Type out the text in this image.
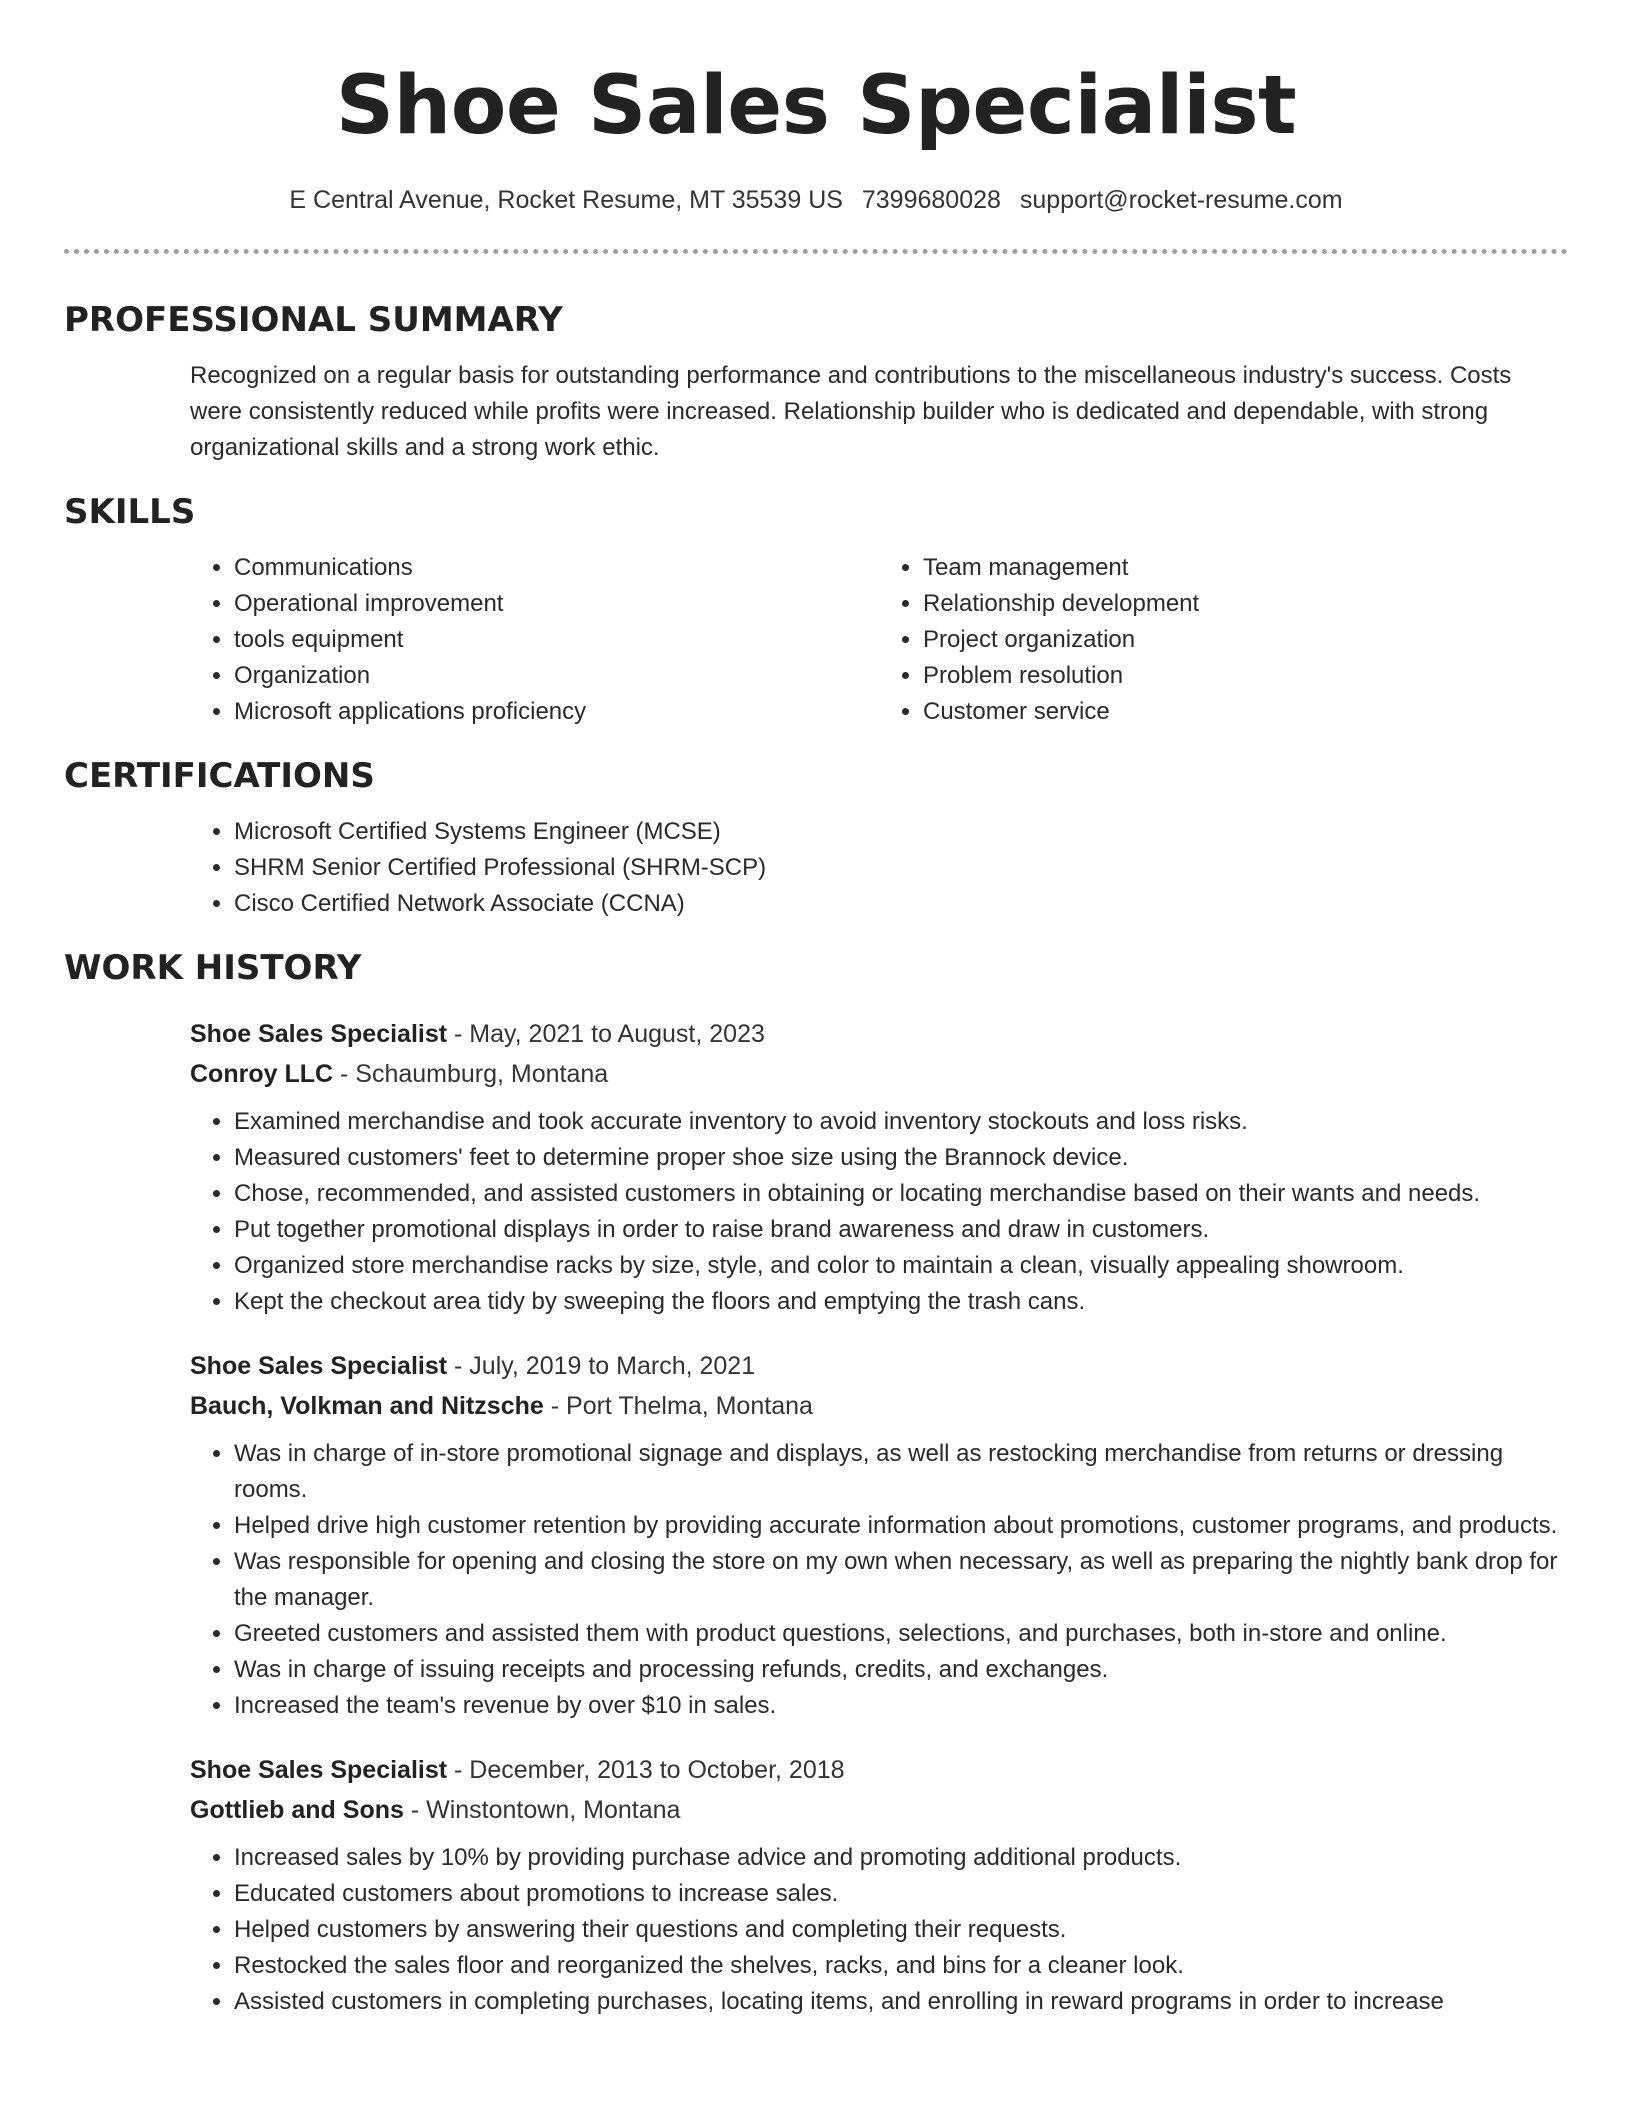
Shoe Sales Specialist
E Central Avenue, Rocket Resume, MT 35539 US 7399680028 support@rocket-resume.com
PROFESSIONAL SUMMARY
Recognized on a regular basis for outstanding performance and contributions to the miscellaneous industry's success. Costs were consistently reduced while profits were increased. Relationship builder who is dedicated and dependable, with strong organizational skills and a strong work ethic.
SKILLS
• Communications
• Operational improvement
• tools equipment
• Organization
• Microsoft applications proficiency
• Team management
• Relationship development
• Project organization
• Problem resolution
• Customer service
CERTIFICATIONS
• Microsoft Certified Systems Engineer (MCSE)
• SHRM Senior Certified Professional (SHRM-SCP)
• Cisco Certified Network Associate (CCNA)
WORK HISTORY
Shoe Sales Specialist - May, 2021 to August, 2023
Conroy LLC - Schaumburg, Montana
• Examined merchandise and took accurate inventory to avoid inventory stockouts and loss risks.
• Measured customers' feet to determine proper shoe size using the Brannock device.
• Chose, recommended, and assisted customers in obtaining or locating merchandise based on their wants and needs.
• Put together promotional displays in order to raise brand awareness and draw in customers.
• Organized store merchandise racks by size, style, and color to maintain a clean, visually appealing showroom.
• Kept the checkout area tidy by sweeping the floors and emptying the trash cans.
Shoe Sales Specialist - July, 2019 to March, 2021
Bauch, Volkman and Nitzsche - Port Thelma, Montana
• Was in charge of in-store promotional signage and displays, as well as restocking merchandise from returns or dressing rooms.
• Helped drive high customer retention by providing accurate information about promotions, customer programs, and products.
• Was responsible for opening and closing the store on my own when necessary, as well as preparing the nightly bank drop for the manager.
• Greeted customers and assisted them with product questions, selections, and purchases, both in-store and online.
• Was in charge of issuing receipts and processing refunds, credits, and exchanges.
• Increased the team's revenue by over $10 in sales.
Shoe Sales Specialist - December, 2013 to October, 2018
Gottlieb and Sons - Winstontown, Montana
• Increased sales by 10% by providing purchase advice and promoting additional products.
• Educated customers about promotions to increase sales.
• Helped customers by answering their questions and completing their requests.
• Restocked the sales floor and reorganized the shelves, racks, and bins for a cleaner look.
• Assisted customers in completing purchases, locating items, and enrolling in reward programs in order to increase
